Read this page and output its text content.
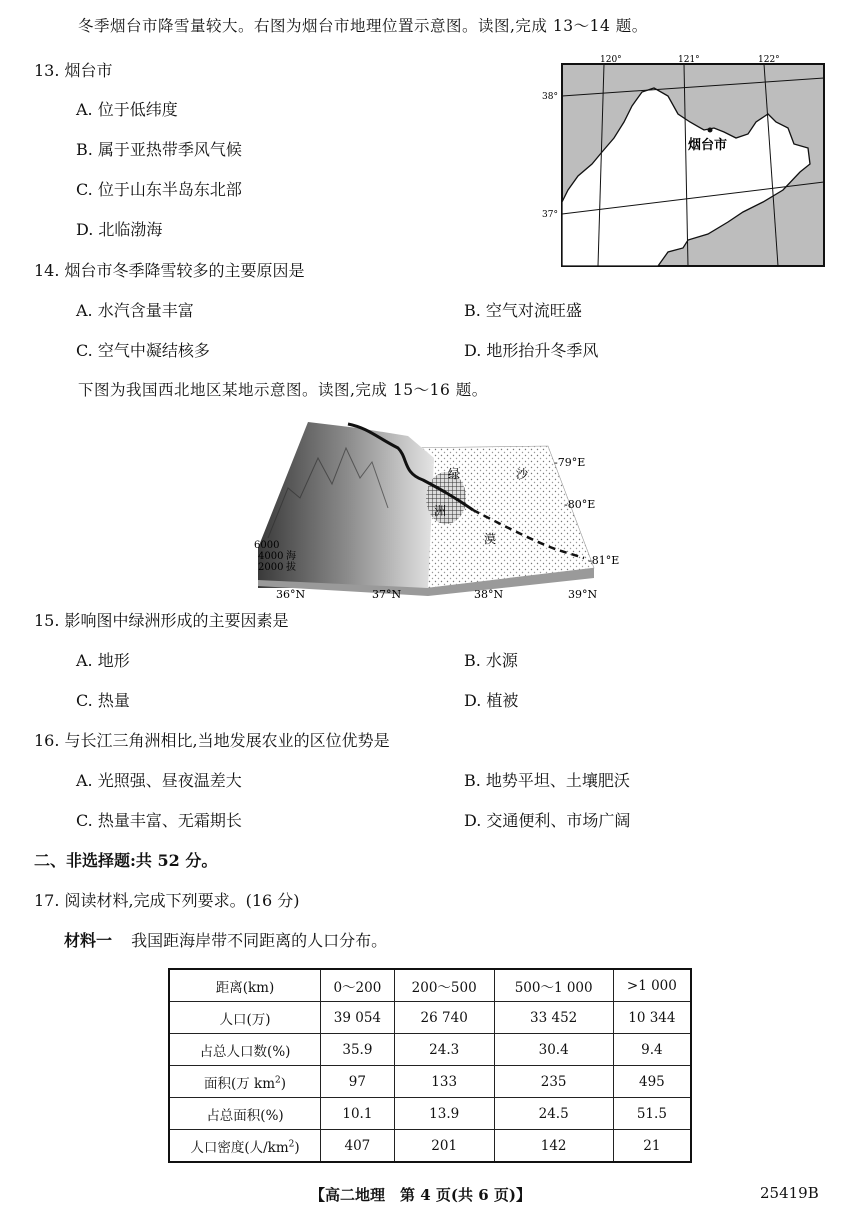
冬季烟台市降雪量较大。右图为烟台市地理位置示意图。读图,完成 13～14 题。
13. 烟台市
A. 位于低纬度
B. 属于亚热带季风气候
C. 位于山东半岛东北部
D. 北临渤海
14. 烟台市冬季降雪较多的主要原因是
A. 水汽含量丰富	B. 空气对流旺盛
C. 空气中凝结核多	D. 地形抬升冬季风
120°	121°	122°
38°
37°
烟台市
下图为我国西北地区某地示意图。读图,完成 15～16 题。
绿
洲
沙
漠
-79°E
-80°E
-81°E
6000
4000
2000
海
拔
36°N	37°N	38°N	39°N
15. 影响图中绿洲形成的主要因素是
A. 地形	B. 水源
C. 热量	D. 植被
16. 与长江三角洲相比,当地发展农业的区位优势是
A. 光照强、昼夜温差大	B. 地势平坦、土壤肥沃
C. 热量丰富、无霜期长	D. 交通便利、市场广阔
二、非选择题:共 52 分。
17. 阅读材料,完成下列要求。(16 分)
材料一 我国距海岸带不同距离的人口分布。
距离(km)	0～200	200～500	500～1 000	>1 000
人口(万)	39 054	26 740	33 452	10 344
占总人口数(%)	35.9	24.3	30.4	9.4
面积(万 $km^2$)	97	133	235	495
占总面积(%)	10.1	13.9	24.5	51.5
人口密度(人$/km^2$)	407	201	142	21
【高二地理　第 4 页(共 6 页)】	25419B
